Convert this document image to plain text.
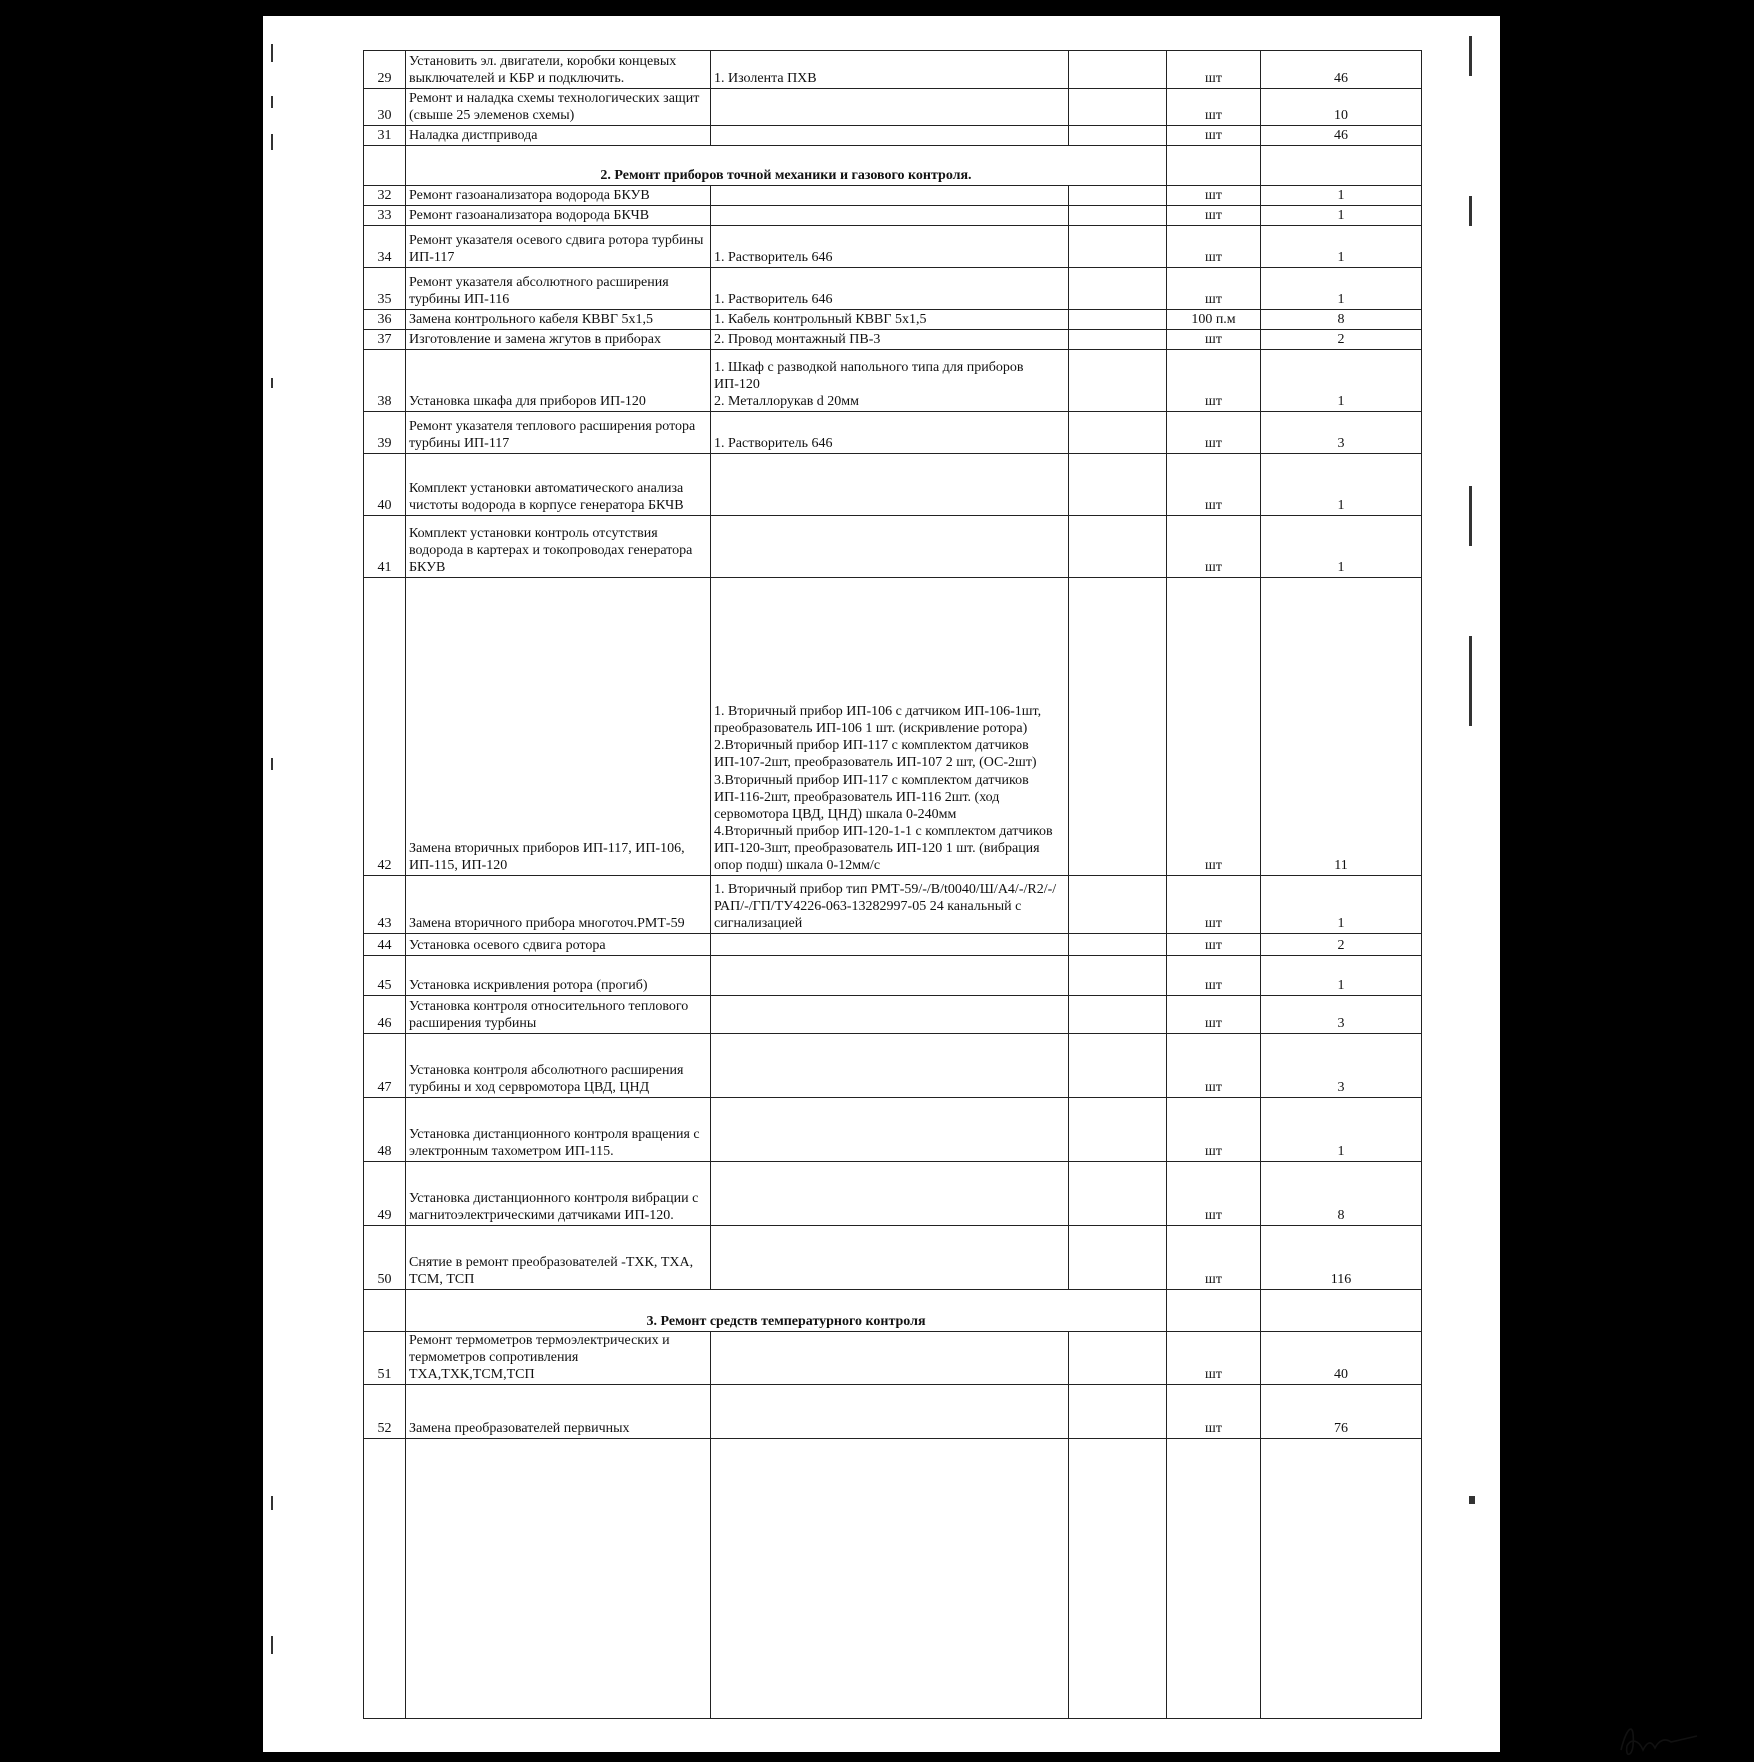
29	Установить эл. двигатели, коробки концевых выключателей и КБР и подключить.	1. Изолента ПХВ		шт	46
30	Ремонт и наладка схемы технологических защит (свыше 25 элеменов схемы)			шт	10
31	Наладка дистпривода			шт	46
	2. Ремонт приборов точной механики и газового контроля.				
32	Ремонт газоанализатора водорода БКУВ			шт	1
33	Ремонт газоанализатора водорода БКЧВ			шт	1
34	Ремонт указателя осевого сдвига ротора турбины ИП-117	1. Растворитель 646		шт	1
35	Ремонт указателя абсолютного расширения турбины ИП-116	1. Растворитель 646		шт	1
36	Замена контрольного кабеля КВВГ 5х1,5	1. Кабель контрольный КВВГ 5х1,5		100 п.м	8
37	Изготовление и замена жгутов в приборах	2. Провод монтажный ПВ-3		шт	2
38	Установка шкафа для приборов ИП-120	1. Шкаф с разводкой напольного типа для приборов ИП-120
2. Металлорукав d 20мм		шт	1
39	Ремонт указателя теплового расширения ротора турбины ИП-117	1. Растворитель 646		шт	3
40	Комплект установки автоматического анализа чистоты водорода в корпусе генератора БКЧВ			шт	1
41	Комплект установки контроль отсутствия водорода в картерах и токопроводах генератора БКУВ			шт	1
42	Замена вторичных приборов ИП-117, ИП-106, ИП-115, ИП-120	1. Вторичный прибор ИП-106 с датчиком ИП-106-1шт, преобразователь ИП-106 1 шт. (искривление ротора)
2.Вторичный прибор ИП-117 с комплектом датчиков ИП-107-2шт, преобразователь ИП-107 2 шт, (ОС-2шт)
3.Вторичный прибор ИП-117 с комплектом датчиков ИП-116-2шт, преобразователь ИП-116 2шт. (ход сервомотора ЦВД, ЦНД) шкала 0-240мм
4.Вторичный прибор ИП-120-1-1 с комплектом датчиков ИП-120-3шт, преобразователь ИП-120 1 шт. (вибрация опор подш) шкала 0-12мм/с		шт	11
43	Замена вторичного прибора многоточ.РМТ-59	1. Вторичный прибор тип РМТ-59/-/В/t0040/Ш/А4/-/R2/-/РАП/-/ГП/ТУ4226-063-13282997-05 24 канальный с сигнализацией		шт	1
44	Установка осевого сдвига ротора			шт	2
45	Установка искривления ротора (прогиб)			шт	1
46	Установка контроля относительного теплового расширения турбины			шт	3
47	Установка контроля абсолютного расширения турбины и ход сервромотора ЦВД, ЦНД			шт	3
48	Установка дистанционного контроля вращения с электронным тахометром ИП-115.			шт	1
49	Установка дистанционного контроля вибрации с магнитоэлектрическими датчиками ИП-120.			шт	8
50	Снятие в ремонт преобразователей -ТХК, ТХА, ТСМ, ТСП			шт	116
	3. Ремонт средств температурного контроля				
51	Ремонт термометров термоэлектрических и термометров сопротивления ТХА,ТХК,ТСМ,ТСП			шт	40
52	Замена преобразователей первичных			шт	76
